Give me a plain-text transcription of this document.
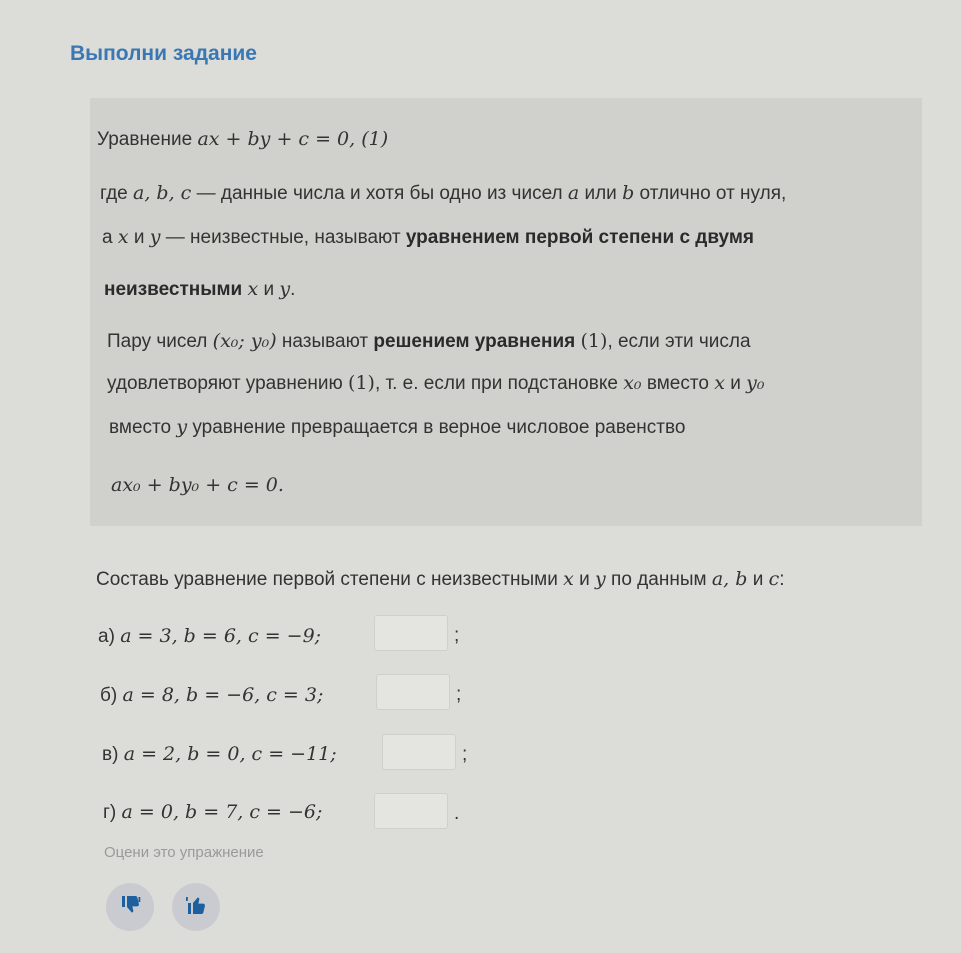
Выполни задание
Уравнение ax + by + c = 0, (1)
где a, b, c — данные числа и хотя бы одно из чисел a или b отлично от нуля,
а x и y — неизвестные, называют уравнением первой степени с двумя
неизвестными x и y.
Пару чисел (x₀; y₀) называют решением уравнения (1), если эти числа
удовлетворяют уравнению (1), т. е. если при подстановке x₀ вместо x и y₀
вместо y уравнение превращается в верное числовое равенство
ax₀ + by₀ + c = 0.
Составь уравнение первой степени с неизвестными x и y по данным a, b и c:
а) a = 3, b = 6, c = −9;	;
б) a = 8, b = −6, c = 3;	;
в) a = 2, b = 0, c = −11;	;
г) a = 0, b = 7, c = −6;	.
Оцени это упражнение
